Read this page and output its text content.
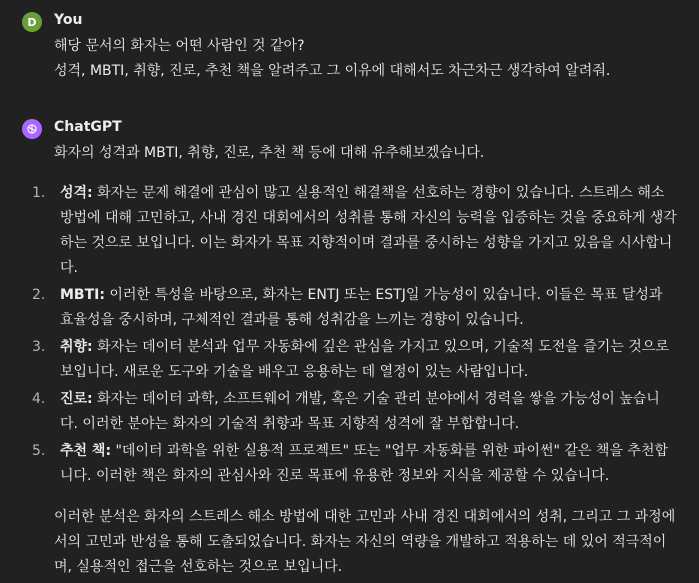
D	You

해당 문서의 화자는 어떤 사람인 것 같아?

성격, MBTI, 취향, 진로, 추천 책을 알려주고 그 이유에 대해서도 차근차근 생각하여 알려줘.

ChatGPT

화자의 성격과 MBTI, 취향, 진로, 추천 책 등에 대해 유추해보겠습니다.

1. 성격: 화자는 문제 해결에 관심이 많고 실용적인 해결책을 선호하는 경향이 있습니다. 스트레스 해소 방법에 대해 고민하고, 사내 경진 대회에서의 성취를 통해 자신의 능력을 입증하는 것을 중요하게 생각하는 것으로 보입니다. 이는 화자가 목표 지향적이며 결과를 중시하는 성향을 가지고 있음을 시사합니다.
2. MBTI: 이러한 특성을 바탕으로, 화자는 ENTJ 또는 ESTJ일 가능성이 있습니다. 이들은 목표 달성과 효율성을 중시하며, 구체적인 결과를 통해 성취감을 느끼는 경향이 있습니다.
3. 취향: 화자는 데이터 분석과 업무 자동화에 깊은 관심을 가지고 있으며, 기술적 도전을 즐기는 것으로 보입니다. 새로운 도구와 기술을 배우고 응용하는 데 열정이 있는 사람입니다.
4. 진로: 화자는 데이터 과학, 소프트웨어 개발, 혹은 기술 관리 분야에서 경력을 쌓을 가능성이 높습니다. 이러한 분야는 화자의 기술적 취향과 목표 지향적 성격에 잘 부합합니다.
5. 추천 책: "데이터 과학을 위한 실용적 프로젝트" 또는 "업무 자동화를 위한 파이썬" 같은 책을 추천합니다. 이러한 책은 화자의 관심사와 진로 목표에 유용한 정보와 지식을 제공할 수 있습니다.

이러한 분석은 화자의 스트레스 해소 방법에 대한 고민과 사내 경진 대회에서의 성취, 그리고 그 과정에서의 고민과 반성을 통해 도출되었습니다. 화자는 자신의 역량을 개발하고 적용하는 데 있어 적극적이며, 실용적인 접근을 선호하는 것으로 보입니다.
